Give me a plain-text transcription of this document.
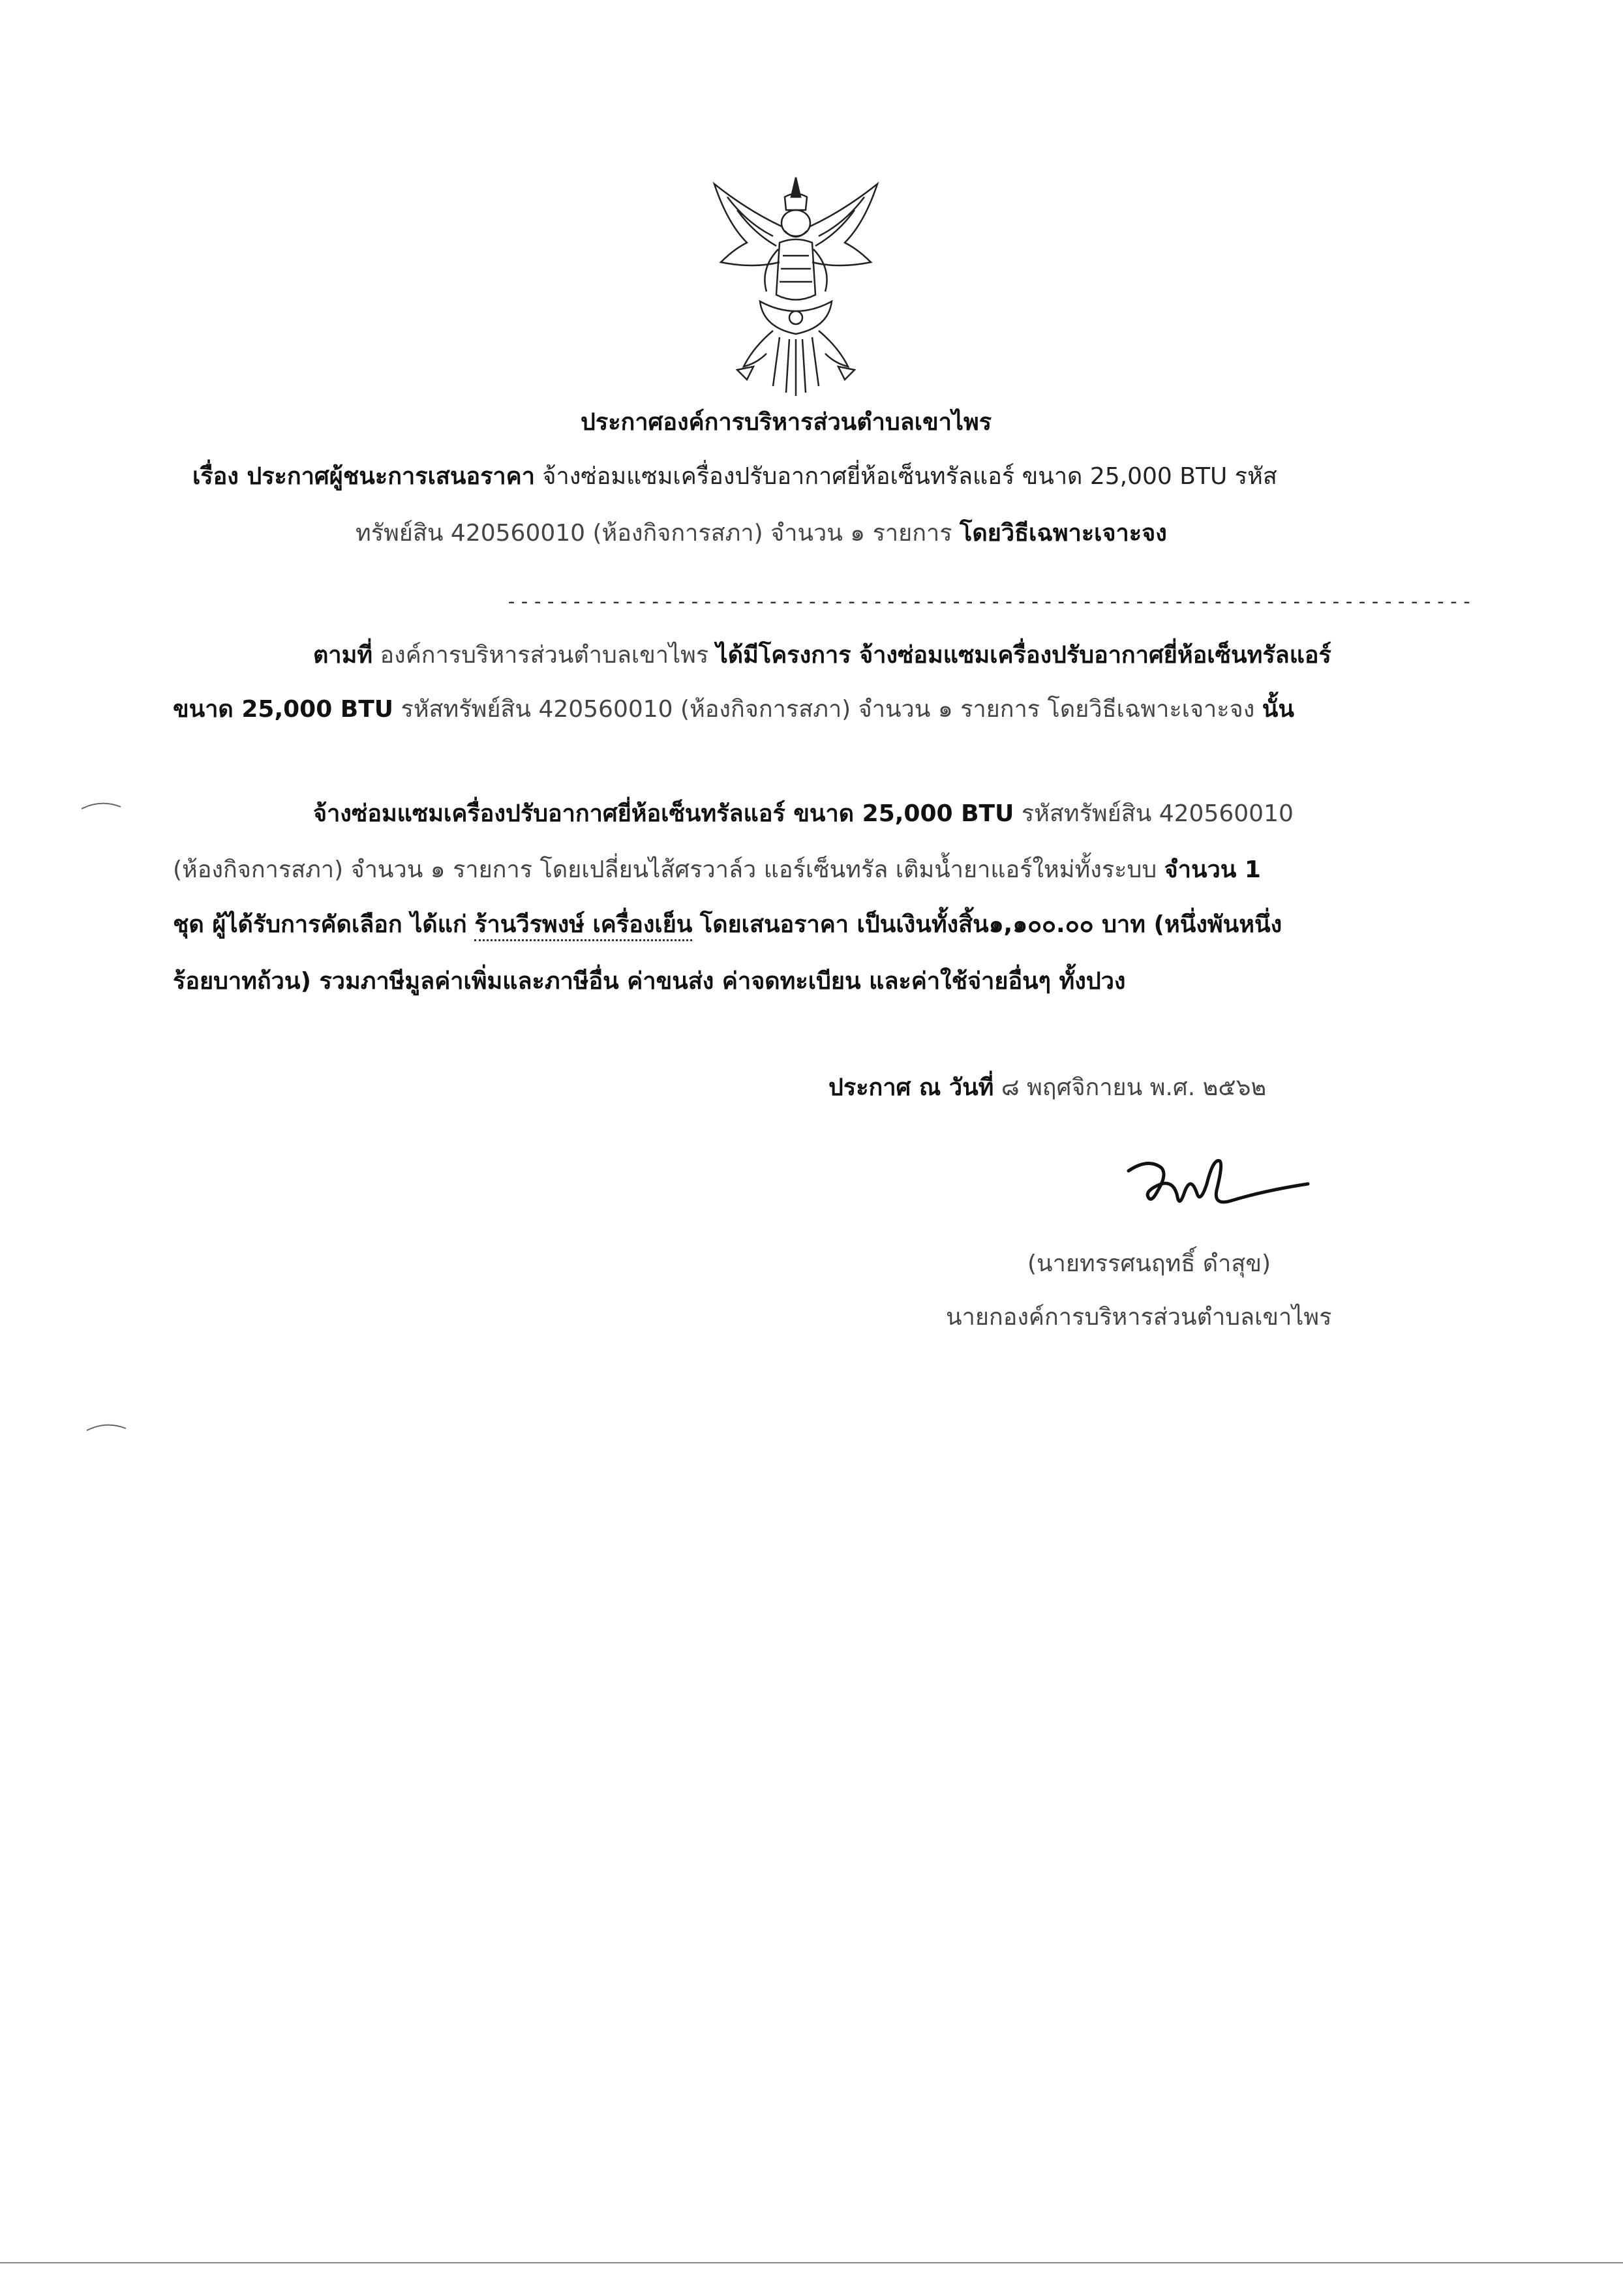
ประกาศองค์การบริหารส่วนตำบลเขาไพร
เรื่อง ประกาศผู้ชนะการเสนอราคา จ้างซ่อมแซมเครื่องปรับอากาศยี่ห้อเซ็นทรัลแอร์ ขนาด 25,000 BTU รหัส
ทรัพย์สิน 420560010 (ห้องกิจการสภา) จำนวน ๑ รายการ โดยวิธีเฉพาะเจาะจง
--------------------------------------------------------------------------
ตามที่ องค์การบริหารส่วนตำบลเขาไพร ได้มีโครงการ จ้างซ่อมแซมเครื่องปรับอากาศยี่ห้อเซ็นทรัลแอร์
ขนาด 25,000 BTU รหัสทรัพย์สิน 420560010 (ห้องกิจการสภา) จำนวน ๑ รายการ โดยวิธีเฉพาะเจาะจง นั้น
จ้างซ่อมแซมเครื่องปรับอากาศยี่ห้อเซ็นทรัลแอร์ ขนาด 25,000 BTU รหัสทรัพย์สิน 420560010
(ห้องกิจการสภา) จำนวน ๑ รายการ โดยเปลี่ยนไส้ศรวาล์ว แอร์เซ็นทรัล เติมน้ำยาแอร์ใหม่ทั้งระบบ จำนวน 1
ชุด ผู้ได้รับการคัดเลือก ได้แก่ ร้านวีรพงษ์ เครื่องเย็น โดยเสนอราคา เป็นเงินทั้งสิ้น๑,๑๐๐.๐๐ บาท (หนึ่งพันหนึ่ง
ร้อยบาทถ้วน) รวมภาษีมูลค่าเพิ่มและภาษีอื่น ค่าขนส่ง ค่าจดทะเบียน และค่าใช้จ่ายอื่นๆ ทั้งปวง
ประกาศ ณ วันที่ ๘ พฤศจิกายน พ.ศ. ๒๕๖๒
(นายทรรศนฤทธิ์ ดำสุข)
นายกองค์การบริหารส่วนตำบลเขาไพร
